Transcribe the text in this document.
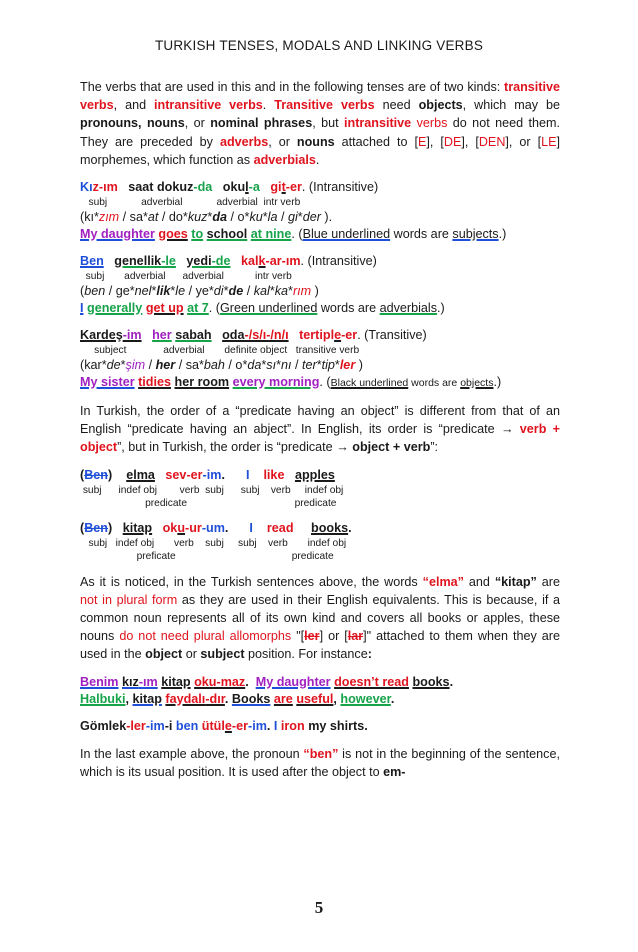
TURKISH TENSES, MODALS AND LINKING VERBS

The verbs that are used in this and in the following tenses are of two kinds: transitive verbs, and intransitive verbs. Transitive verbs need objects, which may be pronouns, nouns, or nominal phrases, but intransitive verbs do not need them. They are preceded by adverbs, or nouns attached to [E], [DE], [DEN], or [LE] morphemes, which function as adverbials.

Kız-ım saat dokuz-da okul-a git-er. (Intransitive)

subj            adverbial            adverbial  intr verb

(kı*zım / sa*at / do*kuz*da / o*ku*la / gi*der ).

My daughter goes to school at nine. (Blue underlined words are subjects.)

Ben genellik-le yedi-de kalk-ar-ım. (Intransitive)

subj       adverbial      adverbial           intr verb

(ben / ge*nel*lik*le / ye*di*de / kal*ka*rım )

I generally get up at 7. (Green underlined words are adverbials.)

Kardeş-im her sabah oda-/s/ı-/n/ı tertiple-er. (Transitive)

subject             adverbial       definite object   transitive verb

(kar*de*şim / her / sa*bah / o*da*sı*nı / ter*tip*ler )

My sister tidies her room every morning. (Black underlined words are objects.)

In Turkish, the order of a “predicate having an object” is different from that of an English “predicate having an abject”. In English, its order is “predicate → verb + object”, but in Turkish, the order is “predicate → object + verb”:

(Ben) elma sev-er-im. I like apples

subj      indef obj        verb  subj      subj    verb     indef obj

predicate                                      predicate

(Ben) kitap oku-ur-um. I read books.

subj   indef obj       verb    subj     subj    verb       indef obj

preficate                                         predicate

As it is noticed, in the Turkish sentences above, the words “elma” and “kitap” are not in plural form as they are used in their English equivalents. This is because, if a common noun represents all of its own kind and covers all books or apples, these nouns do not need plural allomorphs "[ler] or [lar]" attached to them when they are used in the object or subject position. For instance:

Benim kız-ım kitap oku-maz. My daughter doesn’t read books.

Halbuki, kitap faydalı-dır. Books are useful, however.

Gömlek-ler-im-i ben ütüle-er-im. I iron my shirts.

In the last example above, the pronoun “ben” is not in the beginning of the sentence, which is its usual position. It is used after the object to em-

5
